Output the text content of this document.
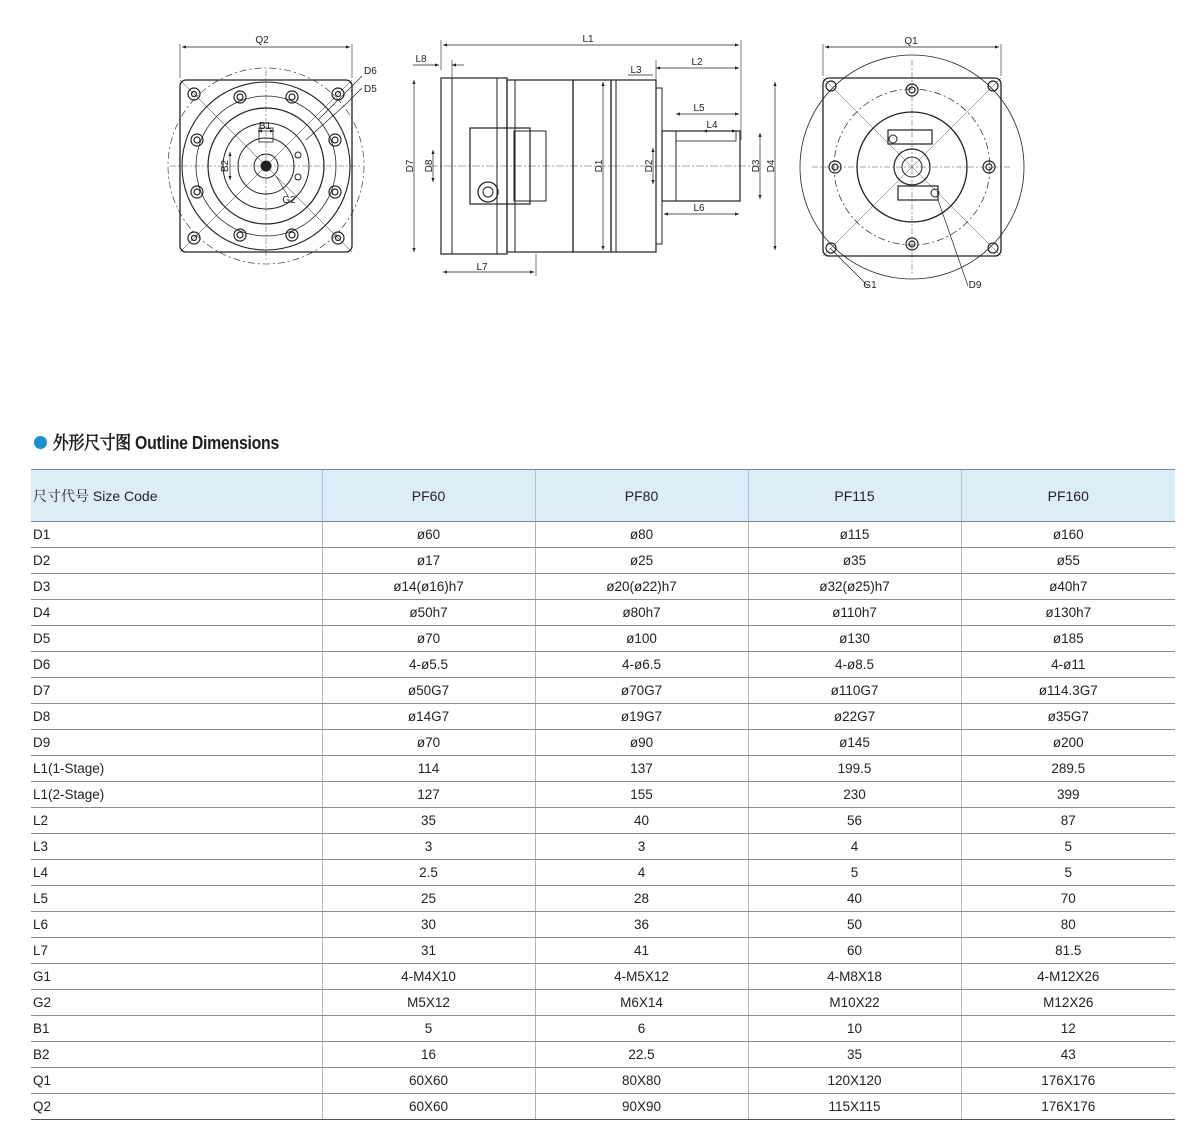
Q2
D6
D5
B1
B2
G2
L1
L8
L3
L2
L5
L4
L6
L7
D7 D8	D1	D2	D3 D4
Q1
G1	D9
外形尺寸图 Outline Dimensions
尺寸代号 Size Code	PF60	PF80	PF115	PF160
D1	ø60	ø80	ø115	ø160
D2	ø17	ø25	ø35	ø55
D3	ø14(ø16)h7	ø20(ø22)h7	ø32(ø25)h7	ø40h7
D4	ø50h7	ø80h7	ø110h7	ø130h7
D5	ø70	ø100	ø130	ø185
D6	4-ø5.5	4-ø6.5	4-ø8.5	4-ø11
D7	ø50G7	ø70G7	ø110G7	ø114.3G7
D8	ø14G7	ø19G7	ø22G7	ø35G7
D9	ø70	ø90	ø145	ø200
L1(1-Stage)	114	137	199.5	289.5
L1(2-Stage)	127	155	230	399
L2	35	40	56	87
L3	3	3	4	5
L4	2.5	4	5	5
L5	25	28	40	70
L6	30	36	50	80
L7	31	41	60	81.5
G1	4-M4X10	4-M5X12	4-M8X18	4-M12X26
G2	M5X12	M6X14	M10X22	M12X26
B1	5	6	10	12
B2	16	22.5	35	43
Q1	60X60	80X80	120X120	176X176
Q2	60X60	90X90	115X115	176X176
